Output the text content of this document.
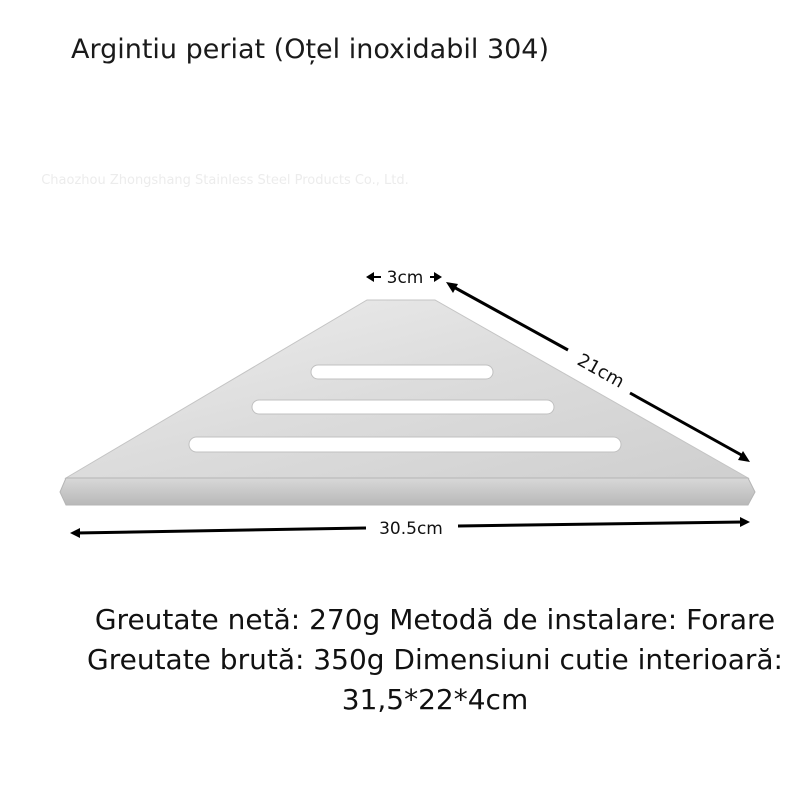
Argintiu periat (Oțel inoxidabil 304)
Chaozhou Zhongshang Stainless Steel Products Co., Ltd.
3cm
21cm
30.5cm
Greutate netă: 270g Metodă de instalare: Forare Greutate brută: 350g Dimensiuni cutie interioară: 31,5*22*4cm
